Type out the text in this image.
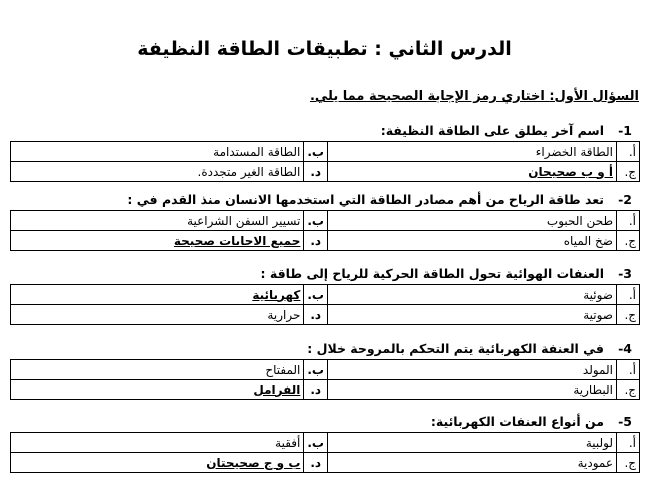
الدرس الثاني : تطبيقات الطاقة النظيفة
السؤال الأول: اختاري رمز الإجابة الصحيحة مما يلي.
1-
اسم آخر يطلق على الطاقة النظيفة:
أ.	الطاقة الخضراء	ب.	الطاقة المستدامة
ج.	أ و ب صحيحان	د.	الطاقة الغير متجددة.
2-
تعد طاقة الرياح من أهم مصادر الطاقة التي استخدمها الانسان منذ القدم في :
أ.	طحن الحبوب	ب.	تسيير السفن الشراعية
ج.	ضخ المياه	د.	جميع الاجابات صحيحة
3-
العنفات الهوائية تحول الطاقة الحركية للرياح إلى طاقة :
أ.	ضوئية	ب.	كهربائية
ج.	صوتية	د.	حرارية
4-
في العنفة الكهربائية يتم التحكم بالمروحة خلال :
أ.	المولد	ب.	المفتاح
ج.	البطارية	د.	الفرامل
5-
من أنواع العنفات الكهربائية:
أ.	لولبية	ب.	أفقية
ج.	عمودية	د.	ب و ج صحيحتان
